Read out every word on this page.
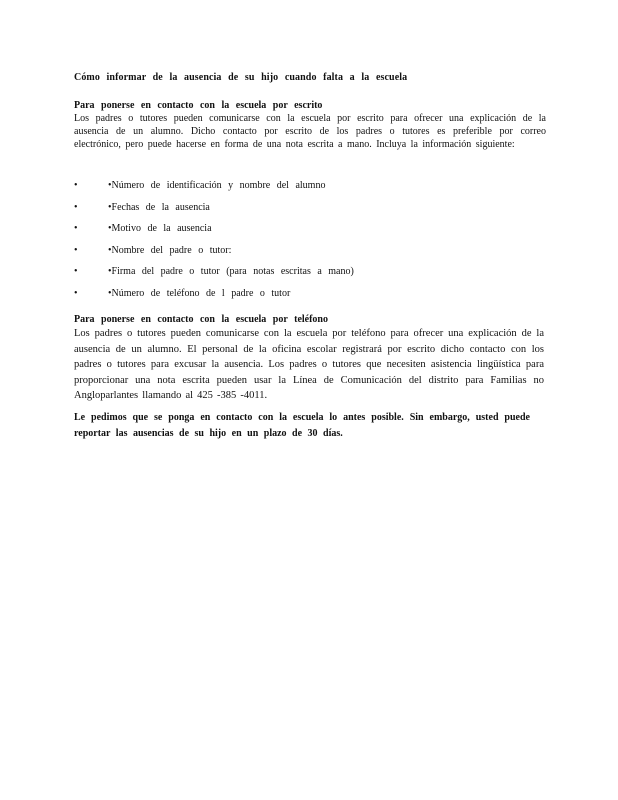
Cómo informar de la ausencia de su hijo cuando falta a la escuela
Para ponerse en contacto con la escuela por escrito
Los padres o tutores pueden comunicarse con la escuela por escrito para ofrecer una explicación de la ausencia de un alumno. Dicho contacto por escrito de los padres o tutores es preferible por correo electrónico, pero puede hacerse en forma de una nota escrita a mano. Incluya la información siguiente:
•	•Número de identificación y nombre del alumno
•	•Fechas de la ausencia
•	•Motivo de la ausencia
•	•Nombre del padre o tutor:
•	•Firma del padre o tutor (para notas escritas a mano)
•	•Número de teléfono de l padre o tutor
Para ponerse en contacto con la escuela por teléfono
Los padres o tutores pueden comunicarse con la escuela por teléfono para ofrecer una explicación de la ausencia de un alumno. El personal de la oficina escolar registrará por escrito dicho contacto con los padres o tutores para excusar la ausencia. Los padres o tutores que necesiten asistencia lingüística para proporcionar una nota escrita pueden usar la Línea de Comunicación del distrito para Familias no Angloparlantes llamando al 425 -385 -4011.
Le pedimos que se ponga en contacto con la escuela lo antes posible. Sin embargo, usted puede reportar las ausencias de su hijo en un plazo de 30 días.
